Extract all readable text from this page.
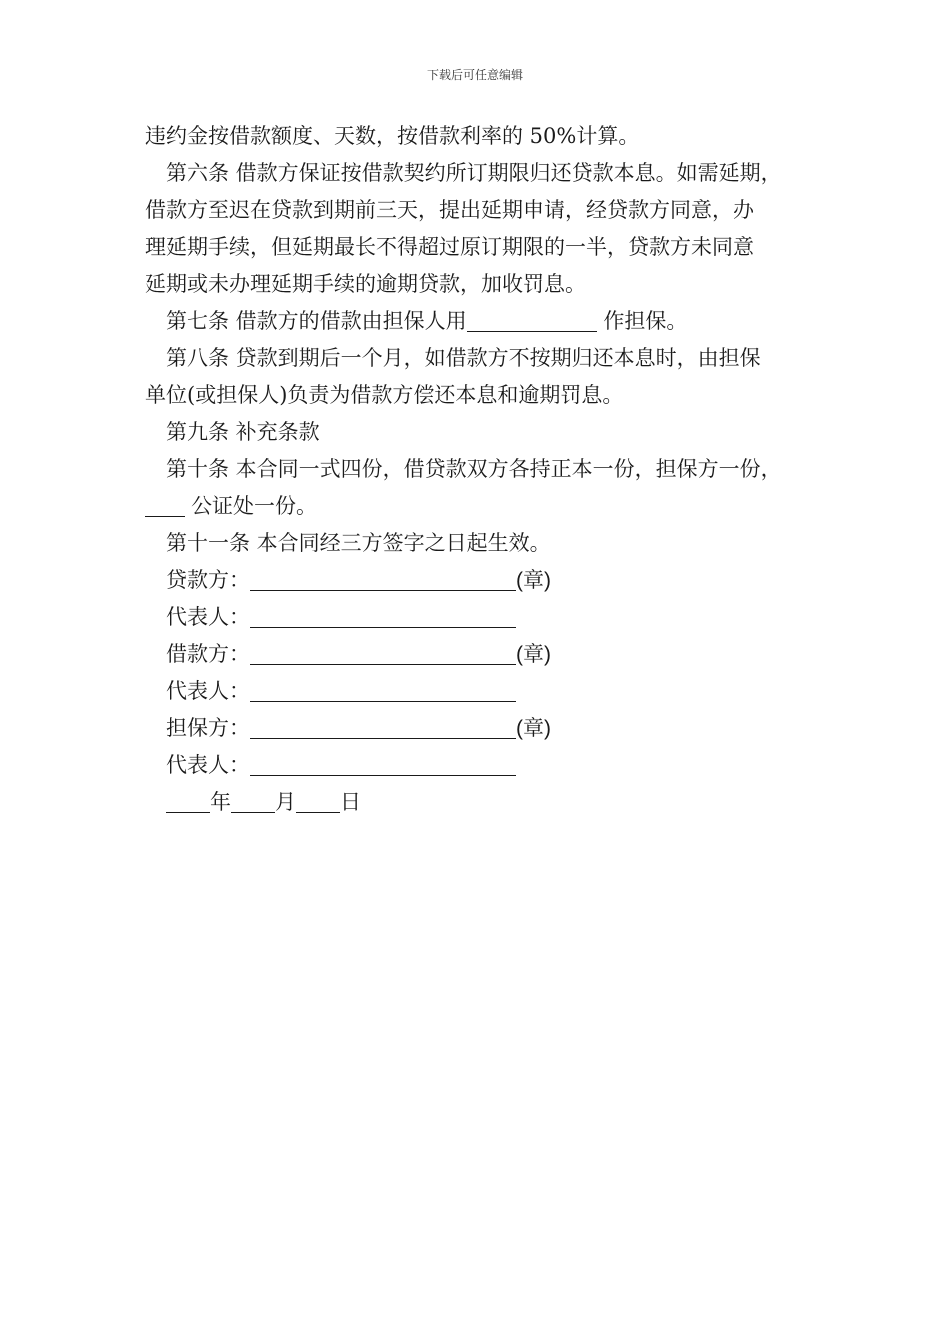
下载后可任意编辑
违约金按借款额度、天数，按借款利率的 50%计算。
第六条 借款方保证按借款契约所订期限归还贷款本息。如需延期，
借款方至迟在贷款到期前三天，提出延期申请，经贷款方同意，办
理延期手续，但延期最长不得超过原订期限的一半，贷款方未同意
延期或未办理延期手续的逾期贷款，加收罚息。
第七条 借款方的借款由担保人用	作担保。
第八条 贷款到期后一个月，如借款方不按期归还本息时，由担保
单位(或担保人)负责为借款方偿还本息和逾期罚息。
第九条 补充条款
第十条 本合同一式四份，借贷款双方各持正本一份，担保方一份，
公证处一份。
第十一条 本合同经三方签字之日起生效。
贷款方：	(章)
代表人：
借款方：	(章)
代表人：
担保方：	(章)
代表人：
年 月 日
